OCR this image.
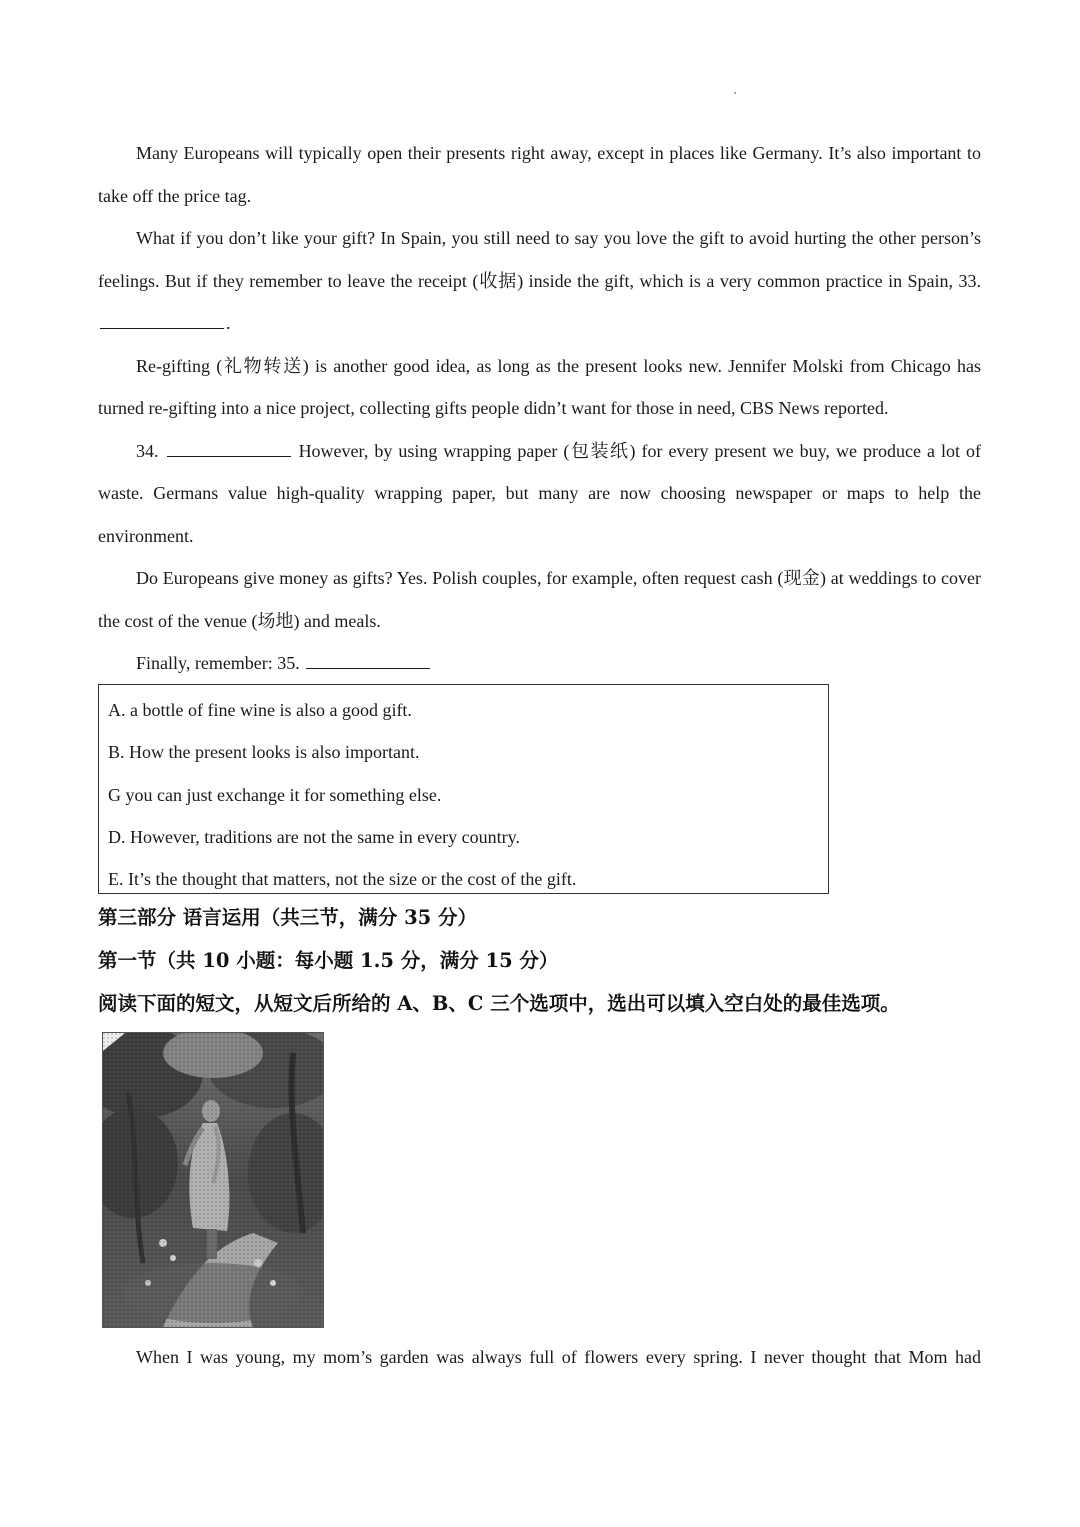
Many Europeans will typically open their presents right away, except in places like Germany. It’s also important to take off the price tag.

What if you don’t like your gift? In Spain, you still need to say you love the gift to avoid hurting the other person’s feelings. But if they remember to leave the receipt (收据) inside the gift, which is a very common practice in Spain, 33. .

Re-gifting (礼物转送) is another good idea, as long as the present looks new. Jennifer Molski from Chicago has turned re-gifting into a nice project, collecting gifts people didn’t want for those in need, CBS News reported.

34.	However, by using wrapping paper (包装纸) for every present we buy, we produce a lot of waste. Germans value high-quality wrapping paper, but many are now choosing newspaper or maps to help the environment.

Do Europeans give money as gifts? Yes. Polish couples, for example, often request cash (现金) at weddings to cover the cost of the venue (场地) and meals.

Finally, remember: 35.

A. a bottle of fine wine is also a good gift.

B. How the present looks is also important.

G you can just exchange it for something else.

D. However, traditions are not the same in every country.

E. It’s the thought that matters, not the size or the cost of the gift.

第三部分 语言运用（共三节，满分 35 分）

第一节（共 10 小题：每小题 1.5 分，满分 15 分）

阅读下面的短文，从短文后所给的 A、B、C 三个选项中，选出可以填入空白处的最佳选项。

When I was young, my mom’s garden was always full of flowers every spring. I never thought that Mom had
